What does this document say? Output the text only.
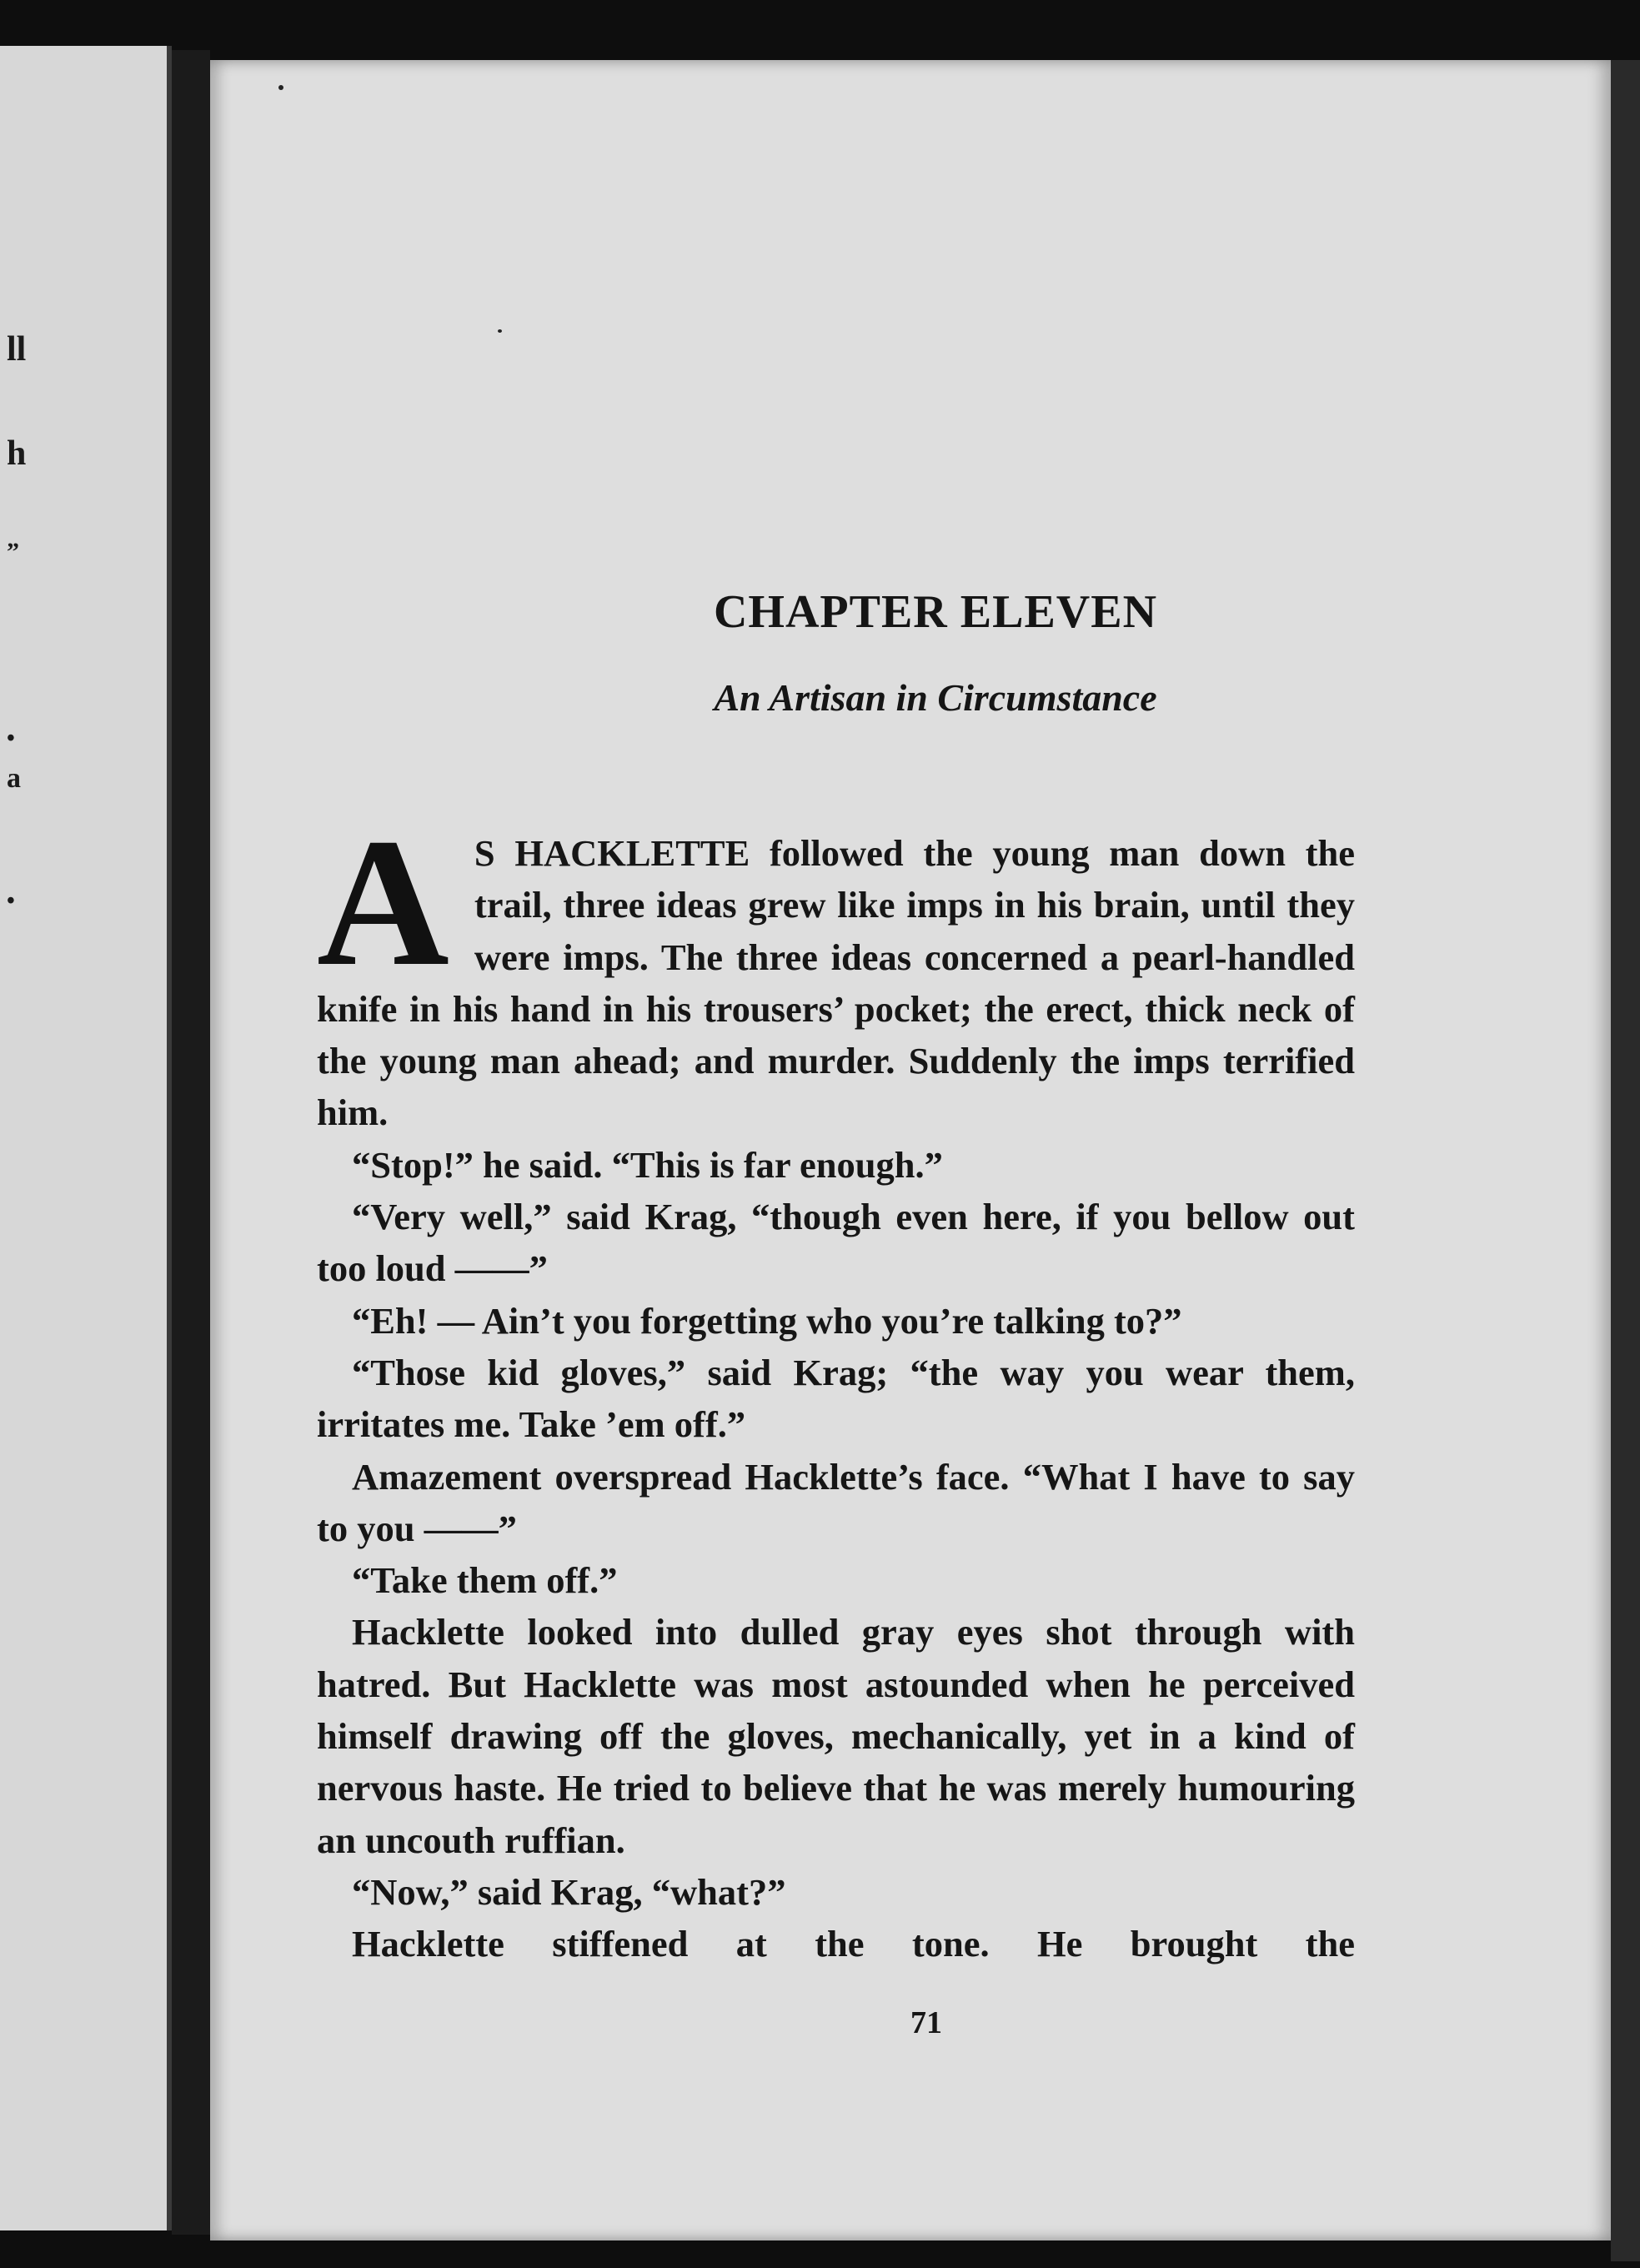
ll
h
”
•
a
•
CHAPTER ELEVEN
An Artisan in Circumstance

A S HACKLETTE followed the young man down the trail, three ideas grew like imps in his brain, until they were imps. The three ideas concerned a pearl-handled knife in his hand in his trousers’ pocket; the erect, thick neck of the young man ahead; and murder. Suddenly the imps terrified him.

“Stop!” he said. “This is far enough.”

“Very well,” said Krag, “though even here, if you bellow out too loud ——”

“Eh! — Ain’t you forgetting who you’re talking to?”

“Those kid gloves,” said Krag; “the way you wear them, irritates me. Take ’em off.”

Amazement overspread Hacklette’s face. “What I have to say to you ——”

“Take them off.”

Hacklette looked into dulled gray eyes shot through with hatred. But Hacklette was most astounded when he perceived himself drawing off the gloves, mechanically, yet in a kind of nervous haste. He tried to believe that he was merely humouring an uncouth ruffian.

“Now,” said Krag, “what?”

Hacklette stiffened at the tone. He brought the

71
